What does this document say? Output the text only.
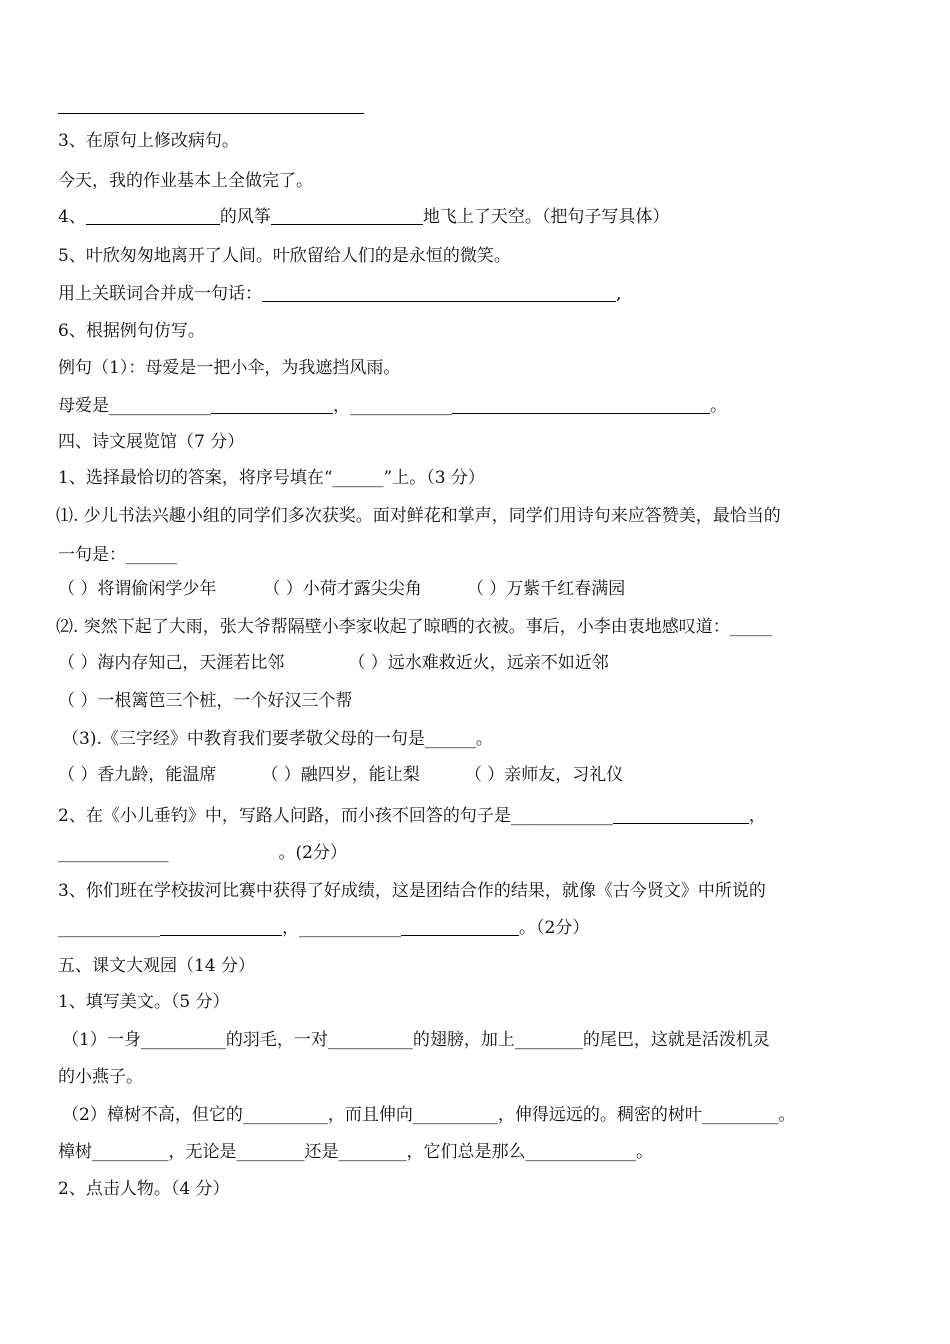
3、在原句上修改病句。
今天，我的作业基本上全做完了。
4、	的风筝	地飞上了天空。（把句子写具体）
5、叶欣匆匆地离开了人间。叶欣留给人们的是永恒的微笑。
用上关联词合并成一句话：	,
6、根据例句仿写。
例句（1）：母爱是一把小伞，为我遮挡风雨。
母爱是____________	，____________	。
四、诗文展览馆（7 分）
1、选择最恰切的答案，将序号填在“______”上。（3 分）
⑴. 少儿书法兴趣小组的同学们多次获奖。面对鲜花和掌声，同学们用诗句来应答赞美，最恰当的
一句是：______
（ ）将谓偷闲学少年	（ ）小荷才露尖尖角	（ ）万紫千红春满园
⑵. 突然下起了大雨，张大爷帮隔壁小李家收起了晾晒的衣被。事后，小李由衷地感叹道：_____
（ ）海内存知己，天涯若比邻	（ ）远水难救近火，远亲不如近邻
（ ）一根篱笆三个桩，一个好汉三个帮
（3).《三字经》中教育我们要孝敬父母的一句是______。
（ ）香九龄，能温席	（ ）融四岁，能让梨	（ ）亲师友，习礼仪
2、在《小儿垂钓》中，写路人问路，而小孩不回答的句子是____________	，
_____________	。(2分）
3、你们班在学校拔河比赛中获得了好成绩，这是团结合作的结果，就像《古今贤文》中所说的
____________	，____________	。（2分）
五、课文大观园（14 分）
1、填写美文。（5 分）
（1）一身__________的羽毛，一对__________的翅膀，加上________的尾巴，这就是活泼机灵
的小燕子。
（2）樟树不高，但它的__________，而且伸向__________，伸得远远的。稠密的树叶_________。
樟树_________，无论是________还是________，它们总是那么_____________。
2、点击人物。（4 分）
